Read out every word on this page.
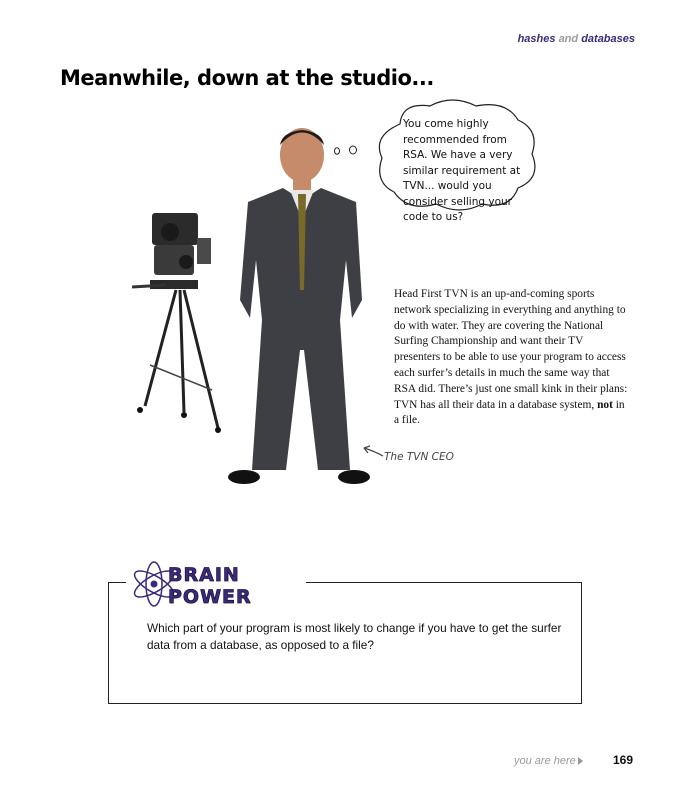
hashes and databases
Meanwhile, down at the studio...
You come highly recommended from RSA. We have a very similar requirement at TVN... would you consider selling your code to us?
Head First TVN is an up-and-coming sports network specializing in everything and anything to do with water. They are covering the National Surfing Championship and want their TV presenters to be able to use your program to access each surfer’s details in much the same way that RSA did. There’s just one small kink in their plans: TVN has all their data in a database system, not in a file.
The TVN CEO
BRAIN
POWER
Which part of your program is most likely to change if you have to get the surfer data from a database, as opposed to a file?
you are here	169
